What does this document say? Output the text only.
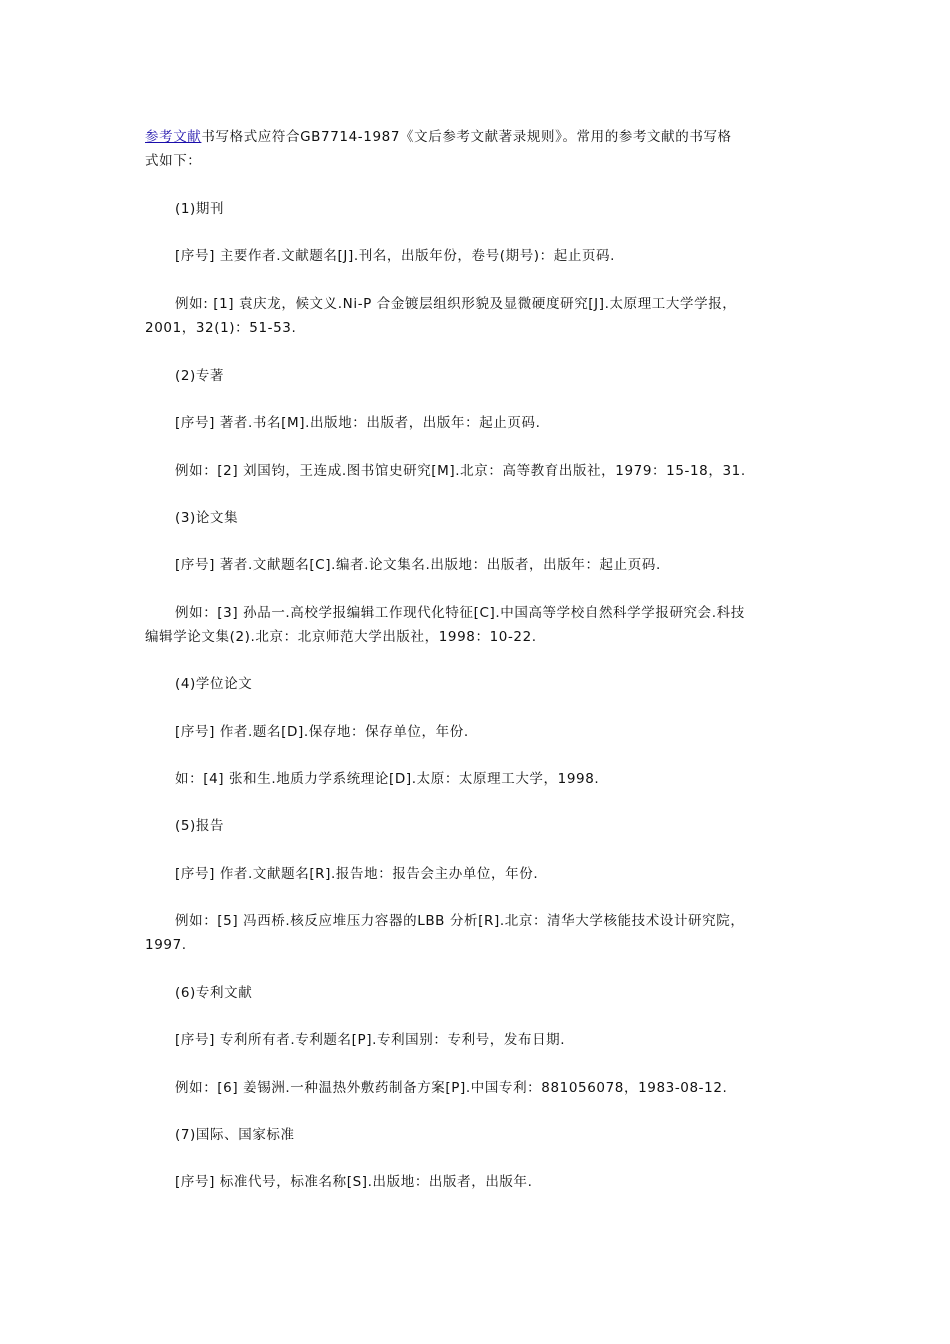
参考文献书写格式应符合GB7714-1987《文后参考文献著录规则》。常用的参考文献的书写格
式如下：
(1)期刊
[序号] 主要作者.文献题名[J].刊名，出版年份，卷号(期号)：起止页码.
例如: [1] 袁庆龙，候文义.Ni-P 合金镀层组织形貌及显微硬度研究[J].太原理工大学学报，
2001，32(1)：51-53.
(2)专著
[序号] 著者.书名[M].出版地：出版者，出版年：起止页码.
例如：[2] 刘国钧，王连成.图书馆史研究[M].北京：高等教育出版社，1979：15-18，31.
(3)论文集
[序号] 著者.文献题名[C].编者.论文集名.出版地：出版者，出版年：起止页码.
例如：[3] 孙品一.高校学报编辑工作现代化特征[C].中国高等学校自然科学学报研究会.科技
编辑学论文集(2).北京：北京师范大学出版社，1998：10-22.
(4)学位论文
[序号] 作者.题名[D].保存地：保存单位，年份.
如：[4] 张和生.地质力学系统理论[D].太原：太原理工大学，1998.
(5)报告
[序号] 作者.文献题名[R].报告地：报告会主办单位，年份.
例如：[5] 冯西桥.核反应堆压力容器的LBB 分析[R].北京：清华大学核能技术设计研究院，
1997.
(6)专利文献
[序号] 专利所有者.专利题名[P].专利国别：专利号，发布日期.
例如：[6] 姜锡洲.一种温热外敷药制备方案[P].中国专利：881056078，1983-08-12.
(7)国际、国家标准
[序号] 标准代号，标准名称[S].出版地：出版者，出版年.
